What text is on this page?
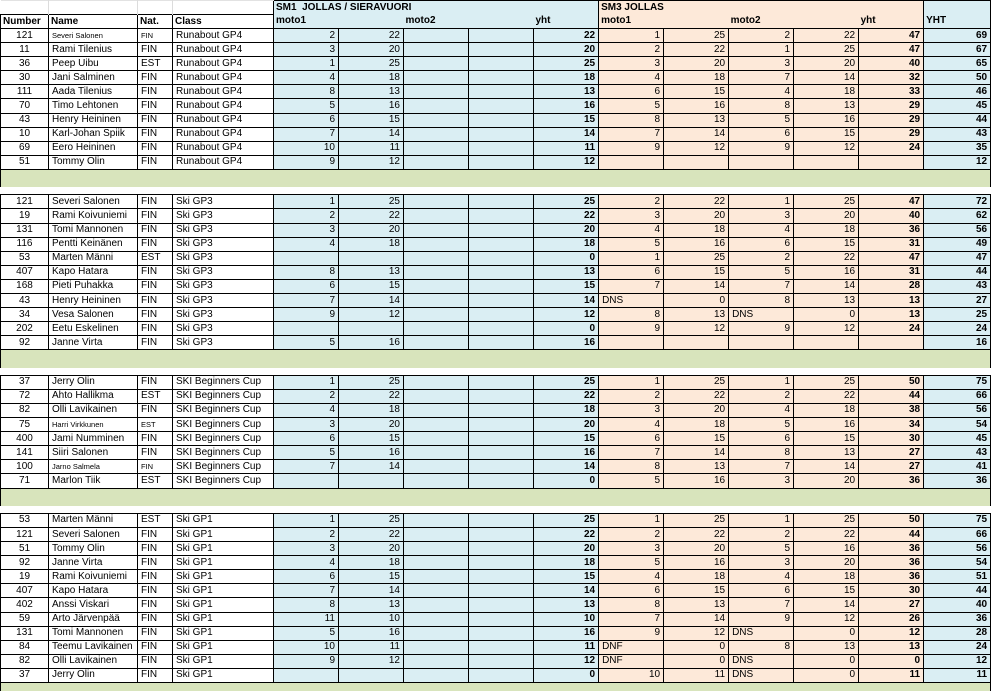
				SM1  JOLLAS / SIERAVUORI					SM3 JOLLAS					YHT
Number	Name	Nat.	Class	moto1		moto2		yht	moto1		moto2		yht	
121	Severi Salonen	FIN	Runabout GP4	2	22			22	1	25	2	22	47	69
11	Rami Tilenius	FIN	Runabout GP4	3	20			20	2	22	1	25	47	67
36	Peep Uibu	EST	Runabout GP4	1	25			25	3	20	3	20	40	65
30	Jani Salminen	FIN	Runabout GP4	4	18			18	4	18	7	14	32	50
111	Aada Tilenius	FIN	Runabout GP4	8	13			13	6	15	4	18	33	46
70	Timo Lehtonen	FIN	Runabout GP4	5	16			16	5	16	8	13	29	45
43	Henry Heininen	FIN	Runabout GP4	6	15			15	8	13	5	16	29	44
10	Karl-Johan Spiik	FIN	Runabout GP4	7	14			14	7	14	6	15	29	43
69	Eero Heininen	FIN	Runabout GP4	10	11			11	9	12	9	12	24	35
51	Tommy Olin	FIN	Runabout GP4	9	12			12						12

121	Severi Salonen	FIN	Ski GP3	1	25			25	2	22	1	25	47	72
19	Rami Koivuniemi	FIN	Ski GP3	2	22			22	3	20	3	20	40	62
131	Tomi Mannonen	FIN	Ski GP3	3	20			20	4	18	4	18	36	56
116	Pentti Keinänen	FIN	Ski GP3	4	18			18	5	16	6	15	31	49
53	Marten Männi	EST	Ski GP3					0	1	25	2	22	47	47
407	Kapo Hatara	FIN	Ski GP3	8	13			13	6	15	5	16	31	44
168	Pieti Puhakka	FIN	Ski GP3	6	15			15	7	14	7	14	28	43
43	Henry Heininen	FIN	Ski GP3	7	14			14	DNS	0	8	13	13	27
34	Vesa Salonen	FIN	Ski GP3	9	12			12	8	13	DNS	0	13	25
202	Eetu Eskelinen	FIN	Ski GP3					0	9	12	9	12	24	24
92	Janne Virta	FIN	Ski GP3	5	16			16						16

37	Jerry Olin	FIN	SKI Beginners Cup	1	25			25	1	25	1	25	50	75
72	Ahto Hallikma	EST	SKI Beginners Cup	2	22			22	2	22	2	22	44	66
82	Olli Lavikainen	FIN	SKI Beginners Cup	4	18			18	3	20	4	18	38	56
75	Harri Virkkunen	EST	SKI Beginners Cup	3	20			20	4	18	5	16	34	54
400	Jami Numminen	FIN	SKI Beginners Cup	6	15			15	6	15	6	15	30	45
141	Siiri Salonen	FIN	SKI Beginners Cup	5	16			16	7	14	8	13	27	43
100	Jarno Salmela	FIN	SKI Beginners Cup	7	14			14	8	13	7	14	27	41
71	Marlon Tiik	EST	SKI Beginners Cup					0	5	16	3	20	36	36

53	Marten Männi	EST	Ski GP1	1	25			25	1	25	1	25	50	75
121	Severi Salonen	FIN	Ski GP1	2	22			22	2	22	2	22	44	66
51	Tommy Olin	FIN	Ski GP1	3	20			20	3	20	5	16	36	56
92	Janne Virta	FIN	Ski GP1	4	18			18	5	16	3	20	36	54
19	Rami Koivuniemi	FIN	Ski GP1	6	15			15	4	18	4	18	36	51
407	Kapo Hatara	FIN	Ski GP1	7	14			14	6	15	6	15	30	44
402	Anssi Viskari	FIN	Ski GP1	8	13			13	8	13	7	14	27	40
59	Arto Järvenpää	FIN	Ski GP1	11	10			10	7	14	9	12	26	36
131	Tomi Mannonen	FIN	Ski GP1	5	16			16	9	12	DNS	0	12	28
84	Teemu Lavikainen	FIN	Ski GP1	10	11			11	DNF	0	8	13	13	24
82	Olli Lavikainen	FIN	Ski GP1	9	12			12	DNF	0	DNS	0	0	12
37	Jerry Olin	FIN	Ski GP1					0	10	11	DNS	0	11	11
